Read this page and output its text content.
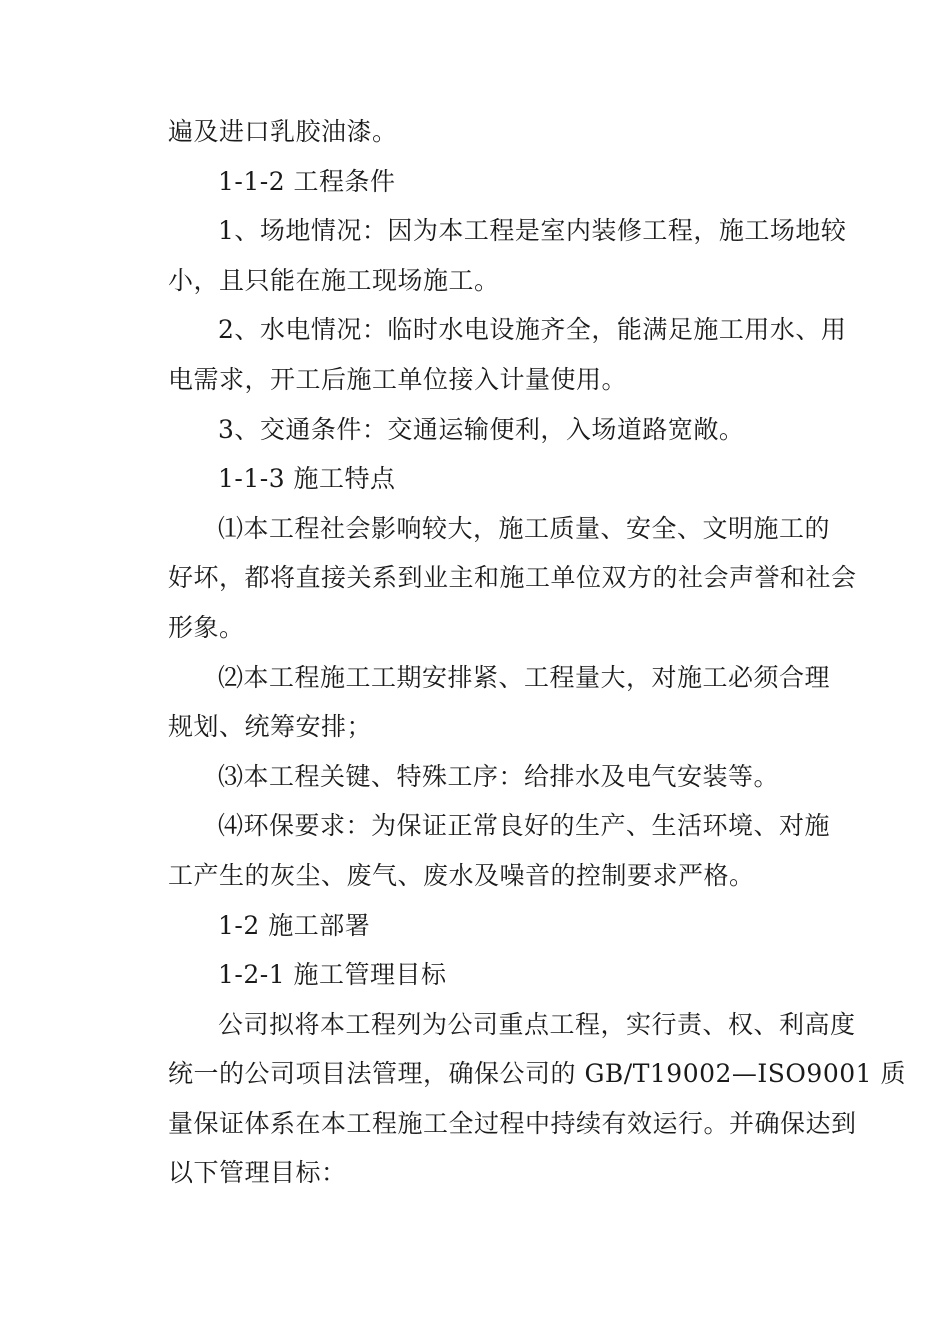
遍及进口乳胶油漆。
1-1-2 工程条件
1、场地情况：因为本工程是室内装修工程，施工场地较
小，且只能在施工现场施工。
2、水电情况：临时水电设施齐全，能满足施工用水、用
电需求，开工后施工单位接入计量使用。
3、交通条件：交通运输便利，入场道路宽敞。
1-1-3 施工特点
⑴本工程社会影响较大，施工质量、安全、文明施工的
好坏，都将直接关系到业主和施工单位双方的社会声誉和社会
形象。
⑵本工程施工工期安排紧、工程量大，对施工必须合理
规划、统筹安排；
⑶本工程关键、特殊工序：给排水及电气安装等。
⑷环保要求：为保证正常良好的生产、生活环境、对施
工产生的灰尘、废气、废水及噪音的控制要求严格。
1-2 施工部署
1-2-1 施工管理目标
公司拟将本工程列为公司重点工程，实行责、权、利高度
统一的公司项目法管理，确保公司的 GB/T19002—ISO9001 质
量保证体系在本工程施工全过程中持续有效运行。并确保达到
以下管理目标：
